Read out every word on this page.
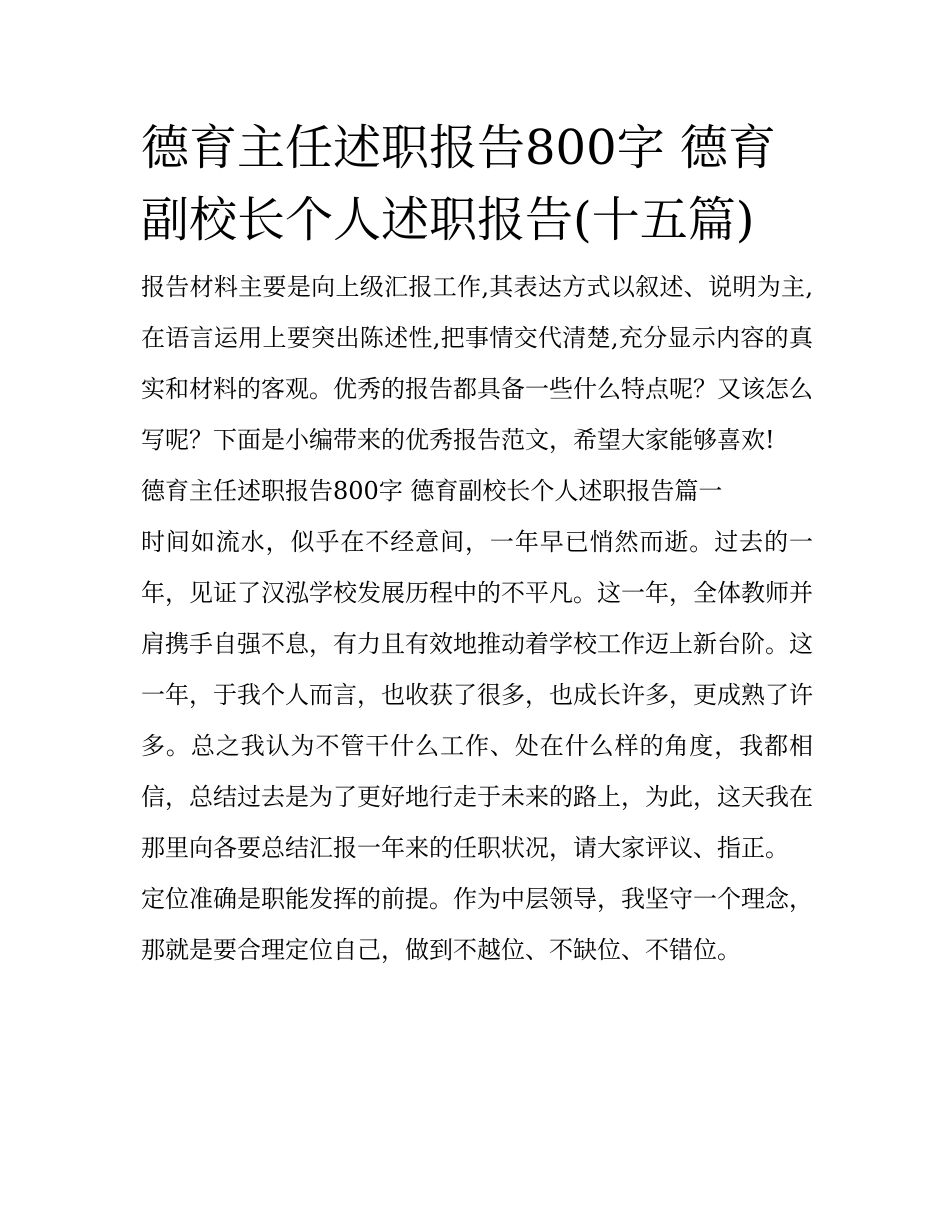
德育主任述职报告800字 德育副校长个人述职报告(十五篇)

报告材料主要是向上级汇报工作,其表达方式以叙述、说明为主,在语言运用上要突出陈述性,把事情交代清楚,充分显示内容的真实和材料的客观。优秀的报告都具备一些什么特点呢？又该怎么写呢？下面是小编带来的优秀报告范文，希望大家能够喜欢!

德育主任述职报告800字 德育副校长个人述职报告篇一

时间如流水，似乎在不经意间，一年早已悄然而逝。过去的一年，见证了汉泓学校发展历程中的不平凡。这一年，全体教师并肩携手自强不息，有力且有效地推动着学校工作迈上新台阶。这一年，于我个人而言，也收获了很多，也成长许多，更成熟了许多。总之我认为不管干什么工作、处在什么样的角度，我都相信，总结过去是为了更好地行走于未来的路上，为此，这天我在那里向各要总结汇报一年来的任职状况，请大家评议、指正。

定位准确是职能发挥的前提。作为中层领导，我坚守一个理念，那就是要合理定位自己，做到不越位、不缺位、不错位。
